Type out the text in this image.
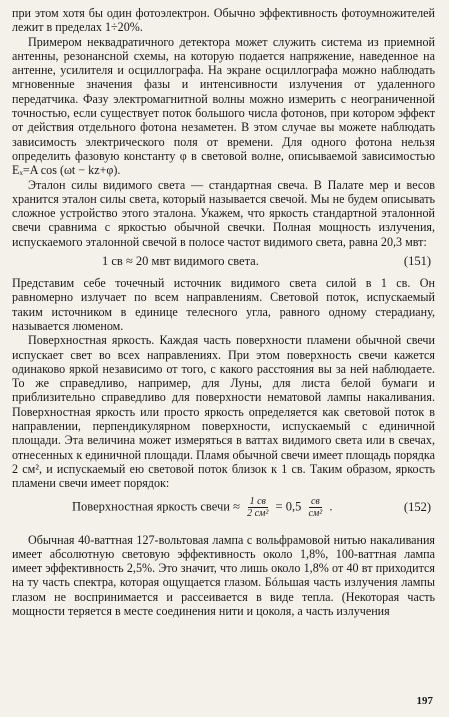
при этом хотя бы один фотоэлектрон. Обычно эффективность фотоумножителей лежит в пределах 1÷20%.

Примером неквадратичного детектора может служить система из приемной антенны, резонансной схемы, на которую подается напряжение, наведенное на антенне, усилителя и осциллографа. На экране осциллографа можно наблюдать мгновенные значения фазы и интенсивности излучения от удаленного передатчика. Фазу электромагнитной волны можно измерить с неограниченной точностью, если существует поток большого числа фотонов, при котором эффект от действия отдельного фотона незаметен. В этом случае вы можете наблюдать зависимость электрического поля от времени. Для одного фотона нельзя определить фазовую константу φ в световой волне, описываемой зависимостью Eₓ=A cos (ωt − kz+φ).

Эталон силы видимого света — стандартная свеча. В Палате мер и весов хранится эталон силы света, который называется свечой. Мы не будем описывать сложное устройство этого эталона. Укажем, что яркость стандартной эталонной свечи сравнима с яркостью обычной свечки. Полная мощность излучения, испускаемого эталонной свечой в полосе частот видимого света, равна 20,3 мвт:

1 св ≈ 20 мвт видимого света.	(151)

Представим себе точечный источник видимого света силой в 1 св. Он равномерно излучает по всем направлениям. Световой поток, испускаемый таким источником в единице телесного угла, равного одному стерадиану, называется люменом.

Поверхностная яркость. Каждая часть поверхности пламени обычной свечи испускает свет во всех направлениях. При этом поверхность свечи кажется одинаково яркой независимо от того, с какого расстояния вы за ней наблюдаете. То же справедливо, например, для Луны, для листа белой бумаги и приблизительно справедливо для поверхности нематовой лампы накаливания. Поверхностная яркость или просто яркость определяется как световой поток в направлении, перпендикулярном поверхности, испускаемый с единичной площади. Эта величина может измеряться в ваттах видимого света или в свечах, отнесенных к единичной площади. Пламя обычной свечи имеет площадь порядка 2 см², и испускаемый ею световой поток близок к 1 св. Таким образом, яркость пламени свечи имеет порядок:

Поверхностная яркость свечи ≈ $\frac{1 св}{\text{2 см²}} = 0,5 \frac{св}{\text{см²}}$ .	(152)

Обычная 40-ваттная 127-вольтовая лампа с вольфрамовой нитью накаливания имеет абсолютную световую эффективность около 1,8%, 100-ваттная лампа имеет эффективность 2,5%. Это значит, что лишь около 1,8% от 40 вт приходится на ту часть спектра, которая ощущается глазом. Бóльшая часть излучения лампы глазом не воспринимается и рассеивается в виде тепла. (Некоторая часть мощности теряется в месте соединения нити и цоколя, а часть излучения

197
